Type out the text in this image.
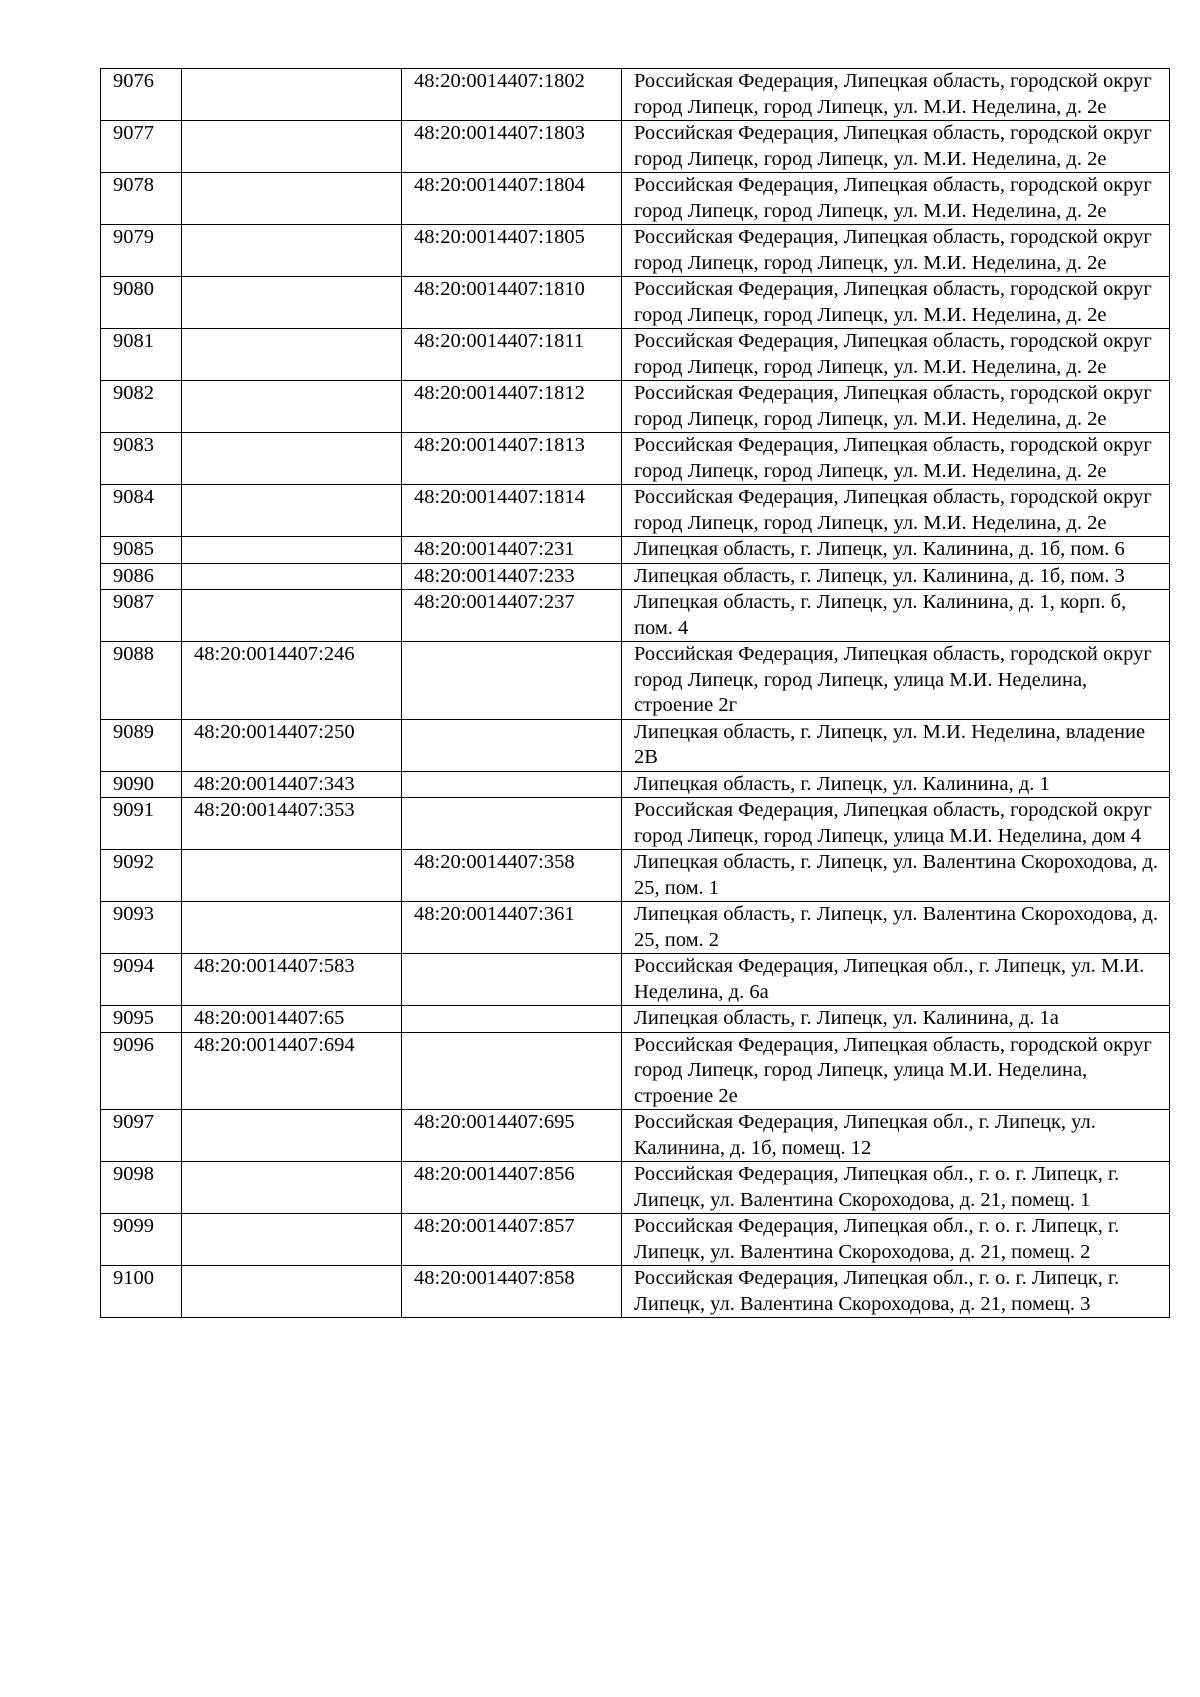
9076		48:20:0014407:1802	Российская Федерация, Липецкая область, городской округ город Липецк, город Липецк, ул. М.И. Неделина, д. 2е
9077		48:20:0014407:1803	Российская Федерация, Липецкая область, городской округ город Липецк, город Липецк, ул. М.И. Неделина, д. 2е
9078		48:20:0014407:1804	Российская Федерация, Липецкая область, городской округ город Липецк, город Липецк, ул. М.И. Неделина, д. 2е
9079		48:20:0014407:1805	Российская Федерация, Липецкая область, городской округ город Липецк, город Липецк, ул. М.И. Неделина, д. 2е
9080		48:20:0014407:1810	Российская Федерация, Липецкая область, городской округ город Липецк, город Липецк, ул. М.И. Неделина, д. 2е
9081		48:20:0014407:1811	Российская Федерация, Липецкая область, городской округ город Липецк, город Липецк, ул. М.И. Неделина, д. 2е
9082		48:20:0014407:1812	Российская Федерация, Липецкая область, городской округ город Липецк, город Липецк, ул. М.И. Неделина, д. 2е
9083		48:20:0014407:1813	Российская Федерация, Липецкая область, городской округ город Липецк, город Липецк, ул. М.И. Неделина, д. 2е
9084		48:20:0014407:1814	Российская Федерация, Липецкая область, городской округ город Липецк, город Липецк, ул. М.И. Неделина, д. 2е
9085		48:20:0014407:231	Липецкая область, г. Липецк, ул. Калинина, д. 1б, пом. 6
9086		48:20:0014407:233	Липецкая область, г. Липецк, ул. Калинина, д. 1б, пом. 3
9087		48:20:0014407:237	Липецкая область, г. Липецк, ул. Калинина, д. 1, корп. б, пом. 4
9088	48:20:0014407:246		Российская Федерация, Липецкая область, городской округ город Липецк, город Липецк, улица М.И. Неделина, строение 2г
9089	48:20:0014407:250		Липецкая область, г. Липецк, ул. М.И. Неделина, владение 2В
9090	48:20:0014407:343		Липецкая область, г. Липецк, ул. Калинина, д. 1
9091	48:20:0014407:353		Российская Федерация, Липецкая область, городской округ город Липецк, город Липецк, улица М.И. Неделина, дом 4
9092		48:20:0014407:358	Липецкая область, г. Липецк, ул. Валентина Скороходова, д. 25, пом. 1
9093		48:20:0014407:361	Липецкая область, г. Липецк, ул. Валентина Скороходова, д. 25, пом. 2
9094	48:20:0014407:583		Российская Федерация, Липецкая обл., г. Липецк, ул. М.И. Неделина, д. 6а
9095	48:20:0014407:65		Липецкая область, г. Липецк, ул. Калинина, д. 1а
9096	48:20:0014407:694		Российская Федерация, Липецкая область, городской округ город Липецк, город Липецк, улица М.И. Неделина, строение 2е
9097		48:20:0014407:695	Российская Федерация, Липецкая обл., г. Липецк, ул. Калинина, д. 1б, помещ. 12
9098		48:20:0014407:856	Российская Федерация, Липецкая обл., г. о. г. Липецк, г. Липецк, ул. Валентина Скороходова, д. 21, помещ. 1
9099		48:20:0014407:857	Российская Федерация, Липецкая обл., г. о. г. Липецк, г. Липецк, ул. Валентина Скороходова, д. 21, помещ. 2
9100		48:20:0014407:858	Российская Федерация, Липецкая обл., г. о. г. Липецк, г. Липецк, ул. Валентина Скороходова, д. 21, помещ. 3
